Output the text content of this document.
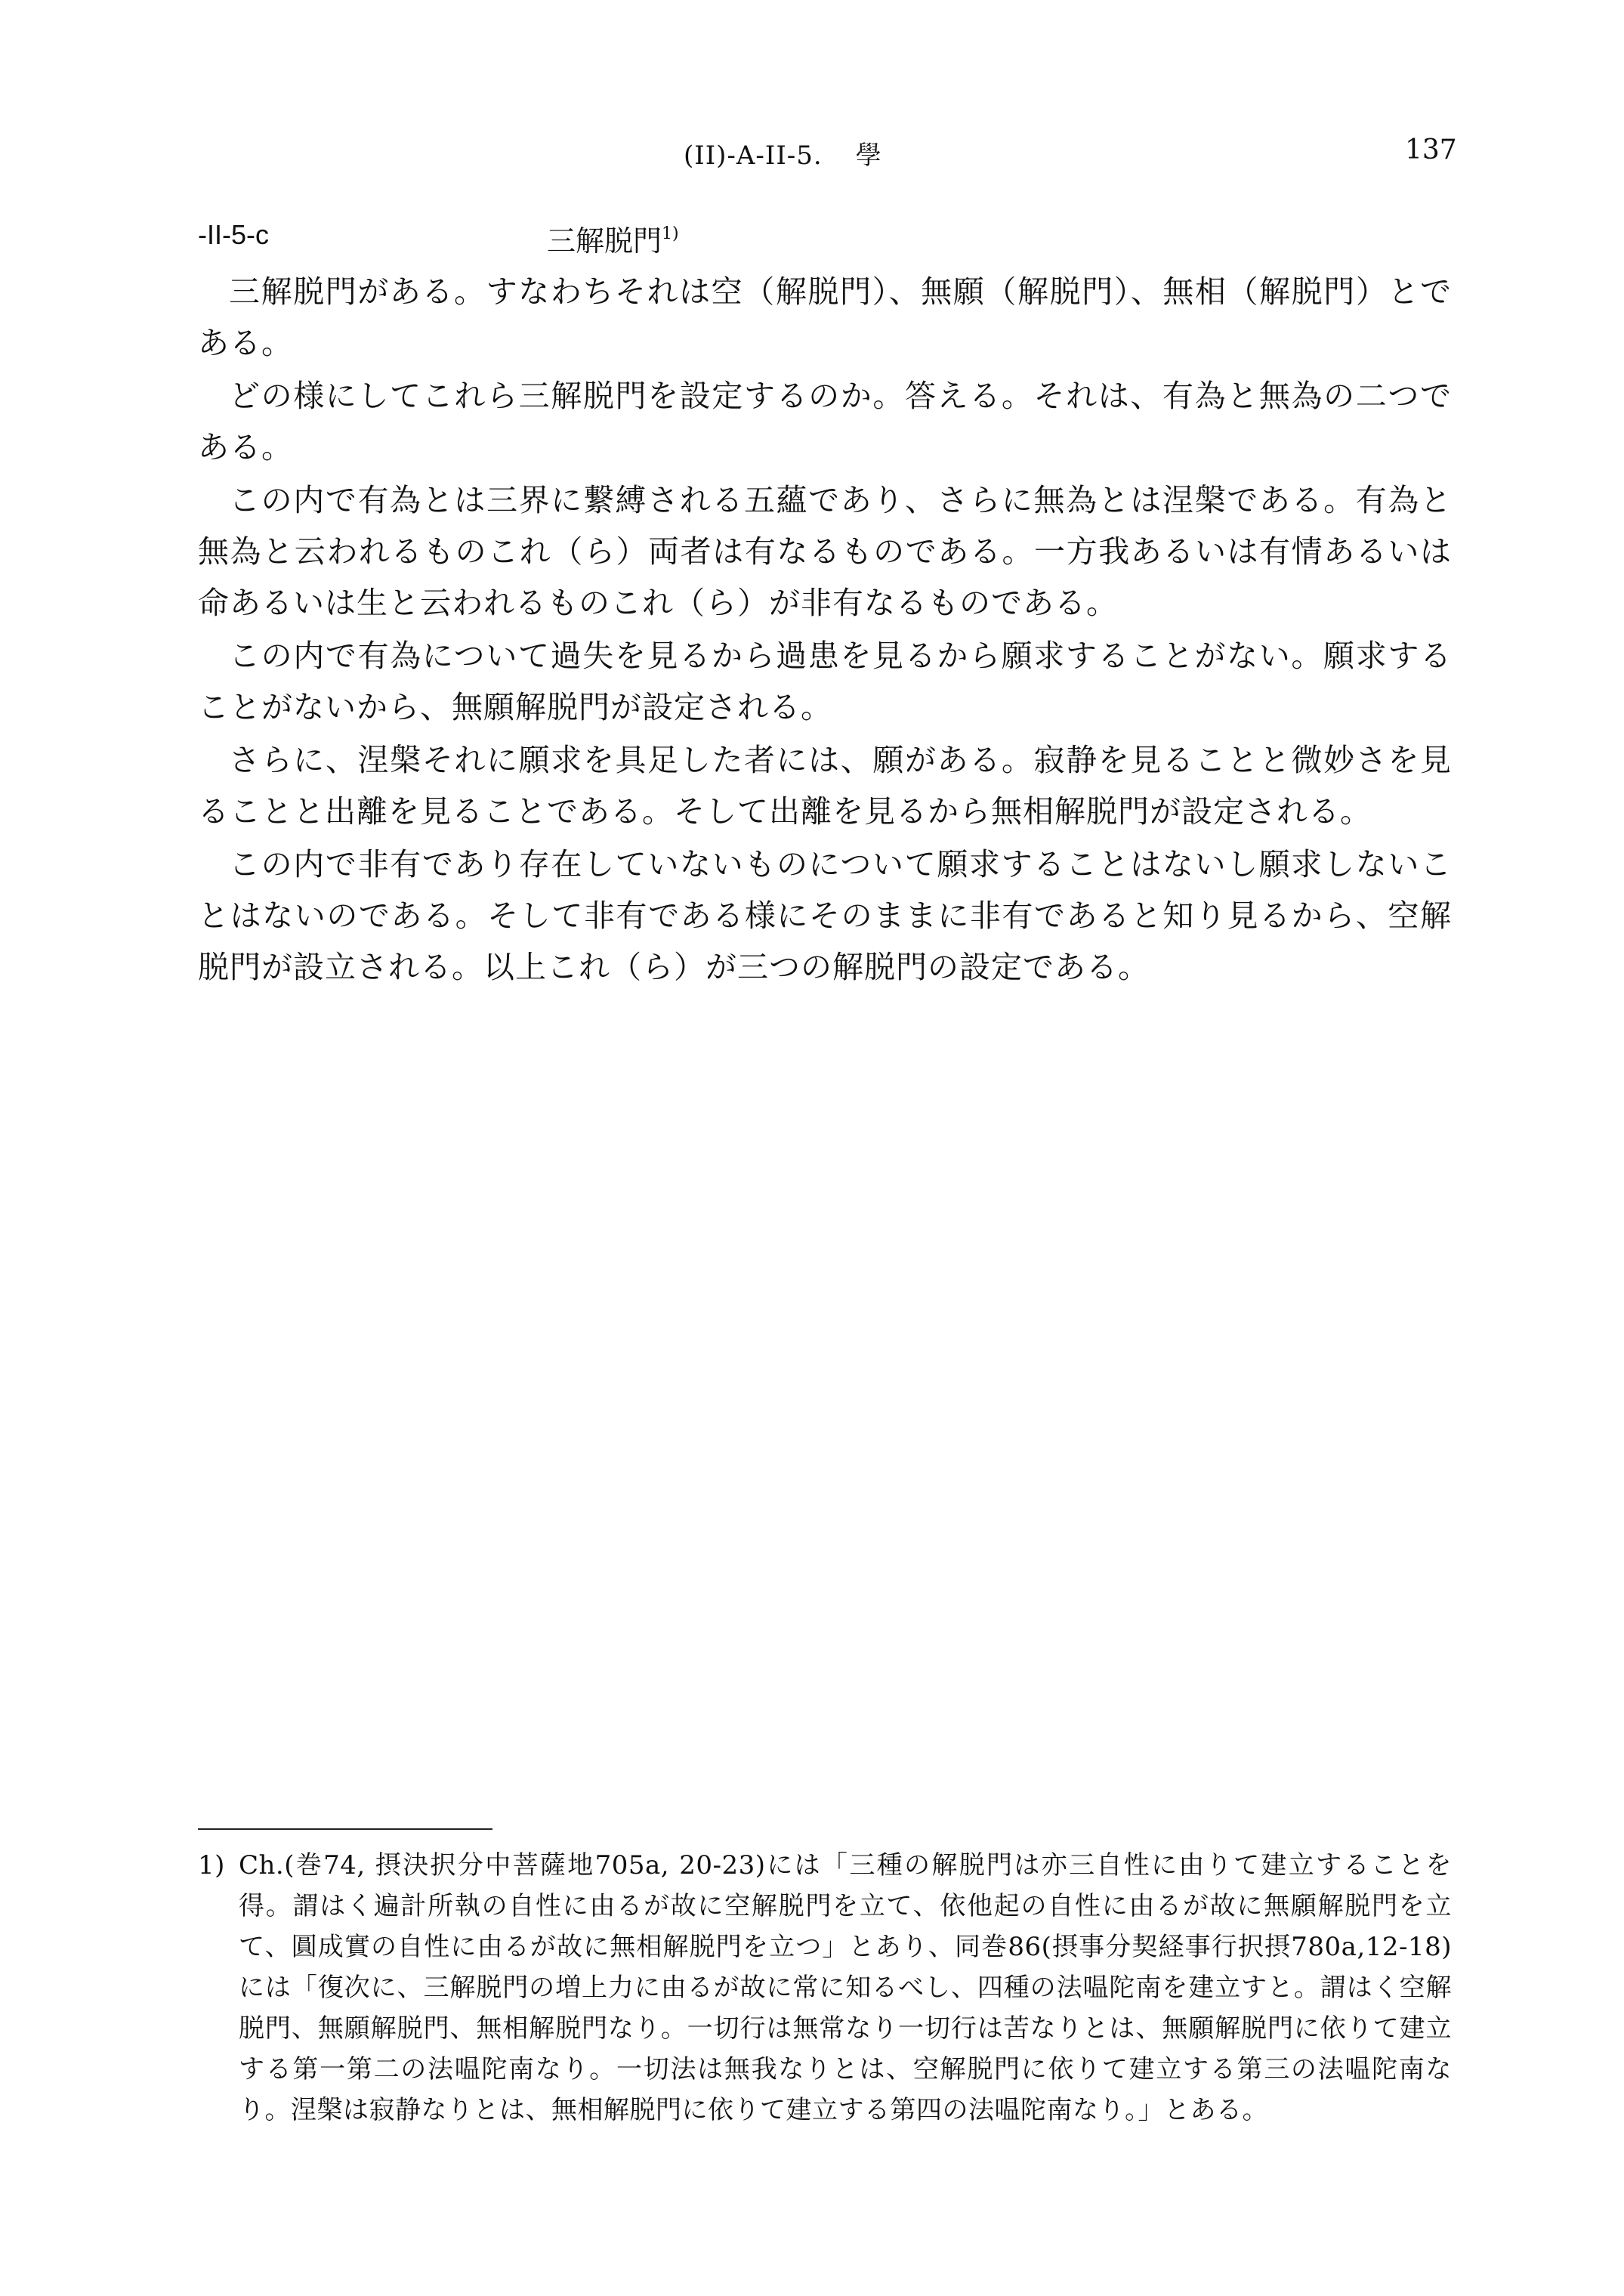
(II)-A-II-5. 學	137
-II-5-c	三解脱門$^{1)}$

三解脱門がある。すなわちそれは空（解脱門）、無願（解脱門）、無相（解脱門）とである。

どの様にしてこれら三解脱門を設定するのか。答える。それは、有為と無為の二つである。

この内で有為とは三界に繋縛される五蘊であり、さらに無為とは涅槃である。有為と無為と云われるものこれ（ら）両者は有なるものである。一方我あるいは有情あるいは命あるいは生と云われるものこれ（ら）が非有なるものである。

この内で有為について過失を見るから過患を見るから願求することがない。願求することがないから、無願解脱門が設定される。

さらに、涅槃それに願求を具足した者には、願がある。寂静を見ることと微妙さを見ることと出離を見ることである。そして出離を見るから無相解脱門が設定される。

この内で非有であり存在していないものについて願求することはないし願求しないことはないのである。そして非有である様にそのままに非有であると知り見るから、空解脱門が設立される。以上これ（ら）が三つの解脱門の設定である。

1) Ch.(巻74, 摂決択分中菩薩地705a, 20-23)には「三種の解脱門は亦三自性に由りて建立することを得。謂はく遍計所執の自性に由るが故に空解脱門を立て、依他起の自性に由るが故に無願解脱門を立て、圓成實の自性に由るが故に無相解脱門を立つ」とあり、同巻86(摂事分契経事行択摂780a,12-18)には「復次に、三解脱門の増上力に由るが故に常に知るべし、四種の法嗢陀南を建立すと。謂はく空解脱門、無願解脱門、無相解脱門なり。一切行は無常なり一切行は苦なりとは、無願解脱門に依りて建立する第一第二の法嗢陀南なり。一切法は無我なりとは、空解脱門に依りて建立する第三の法嗢陀南なり。涅槃は寂静なりとは、無相解脱門に依りて建立する第四の法嗢陀南なり。」とある。
